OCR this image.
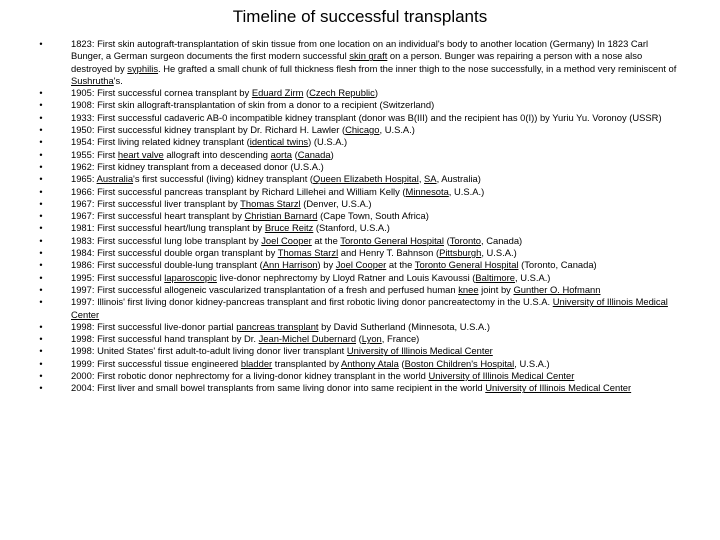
Timeline of successful transplants
•	1823: First skin autograft-transplantation of skin tissue from one location on an individual's body to another location (Germany) In 1823 Carl Bunger, a German surgeon documents the first modern successful skin graft on a person. Bunger was repairing a person with a nose also destroyed by syphilis. He grafted a small chunk of full thickness flesh from the inner thigh to the nose successfully, in a method very reminiscent of Sushrutha's.
•	1905: First successful cornea transplant by Eduard Zirm (Czech Republic)
•	1908: First skin allograft-transplantation of skin from a donor to a recipient (Switzerland)
•	1933: First successful cadaveric AB-0 incompatible kidney transplant (donor was B(III) and the recipient has 0(I)) by Yuriu Yu. Voronoy (USSR)
•	1950: First successful kidney transplant by Dr. Richard H. Lawler (Chicago, U.S.A.)
•	1954: First living related kidney transplant (identical twins) (U.S.A.)
•	1955: First heart valve allograft into descending aorta (Canada)
•	1962: First kidney transplant from a deceased donor (U.S.A.)
•	1965: Australia's first successful (living) kidney transplant (Queen Elizabeth Hospital, SA, Australia)
•	1966: First successful pancreas transplant by Richard Lillehei and William Kelly (Minnesota, U.S.A.)
•	1967: First successful liver transplant by Thomas Starzl (Denver, U.S.A.)
•	1967: First successful heart transplant by Christian Barnard (Cape Town, South Africa)
•	1981: First successful heart/lung transplant by Bruce Reitz (Stanford, U.S.A.)
•	1983: First successful lung lobe transplant by Joel Cooper at the Toronto General Hospital (Toronto, Canada)
•	1984: First successful double organ transplant by Thomas Starzl and Henry T. Bahnson (Pittsburgh, U.S.A.)
•	1986: First successful double-lung transplant (Ann Harrison) by Joel Cooper at the Toronto General Hospital (Toronto, Canada)
•	1995: First successful laparoscopic live-donor nephrectomy by Lloyd Ratner and Louis Kavoussi (Baltimore, U.S.A.)
•	1997: First successful allogeneic vascularized transplantation of a fresh and perfused human knee joint by Gunther O. Hofmann
•	1997: Illinois' first living donor kidney-pancreas transplant and first robotic living donor pancreatectomy in the U.S.A. University of Illinois Medical Center
•	1998: First successful live-donor partial pancreas transplant by David Sutherland (Minnesota, U.S.A.)
•	1998: First successful hand transplant by Dr. Jean-Michel Dubernard (Lyon, France)
•	1998: United States' first adult-to-adult living donor liver transplant University of Illinois Medical Center
•	1999: First successful tissue engineered bladder transplanted by Anthony Atala (Boston Children's Hospital, U.S.A.)
•	2000: First robotic donor nephrectomy for a living-donor kidney transplant in the world University of Illinois Medical Center
•	2004: First liver and small bowel transplants from same living donor into same recipient in the world University of Illinois Medical Center
